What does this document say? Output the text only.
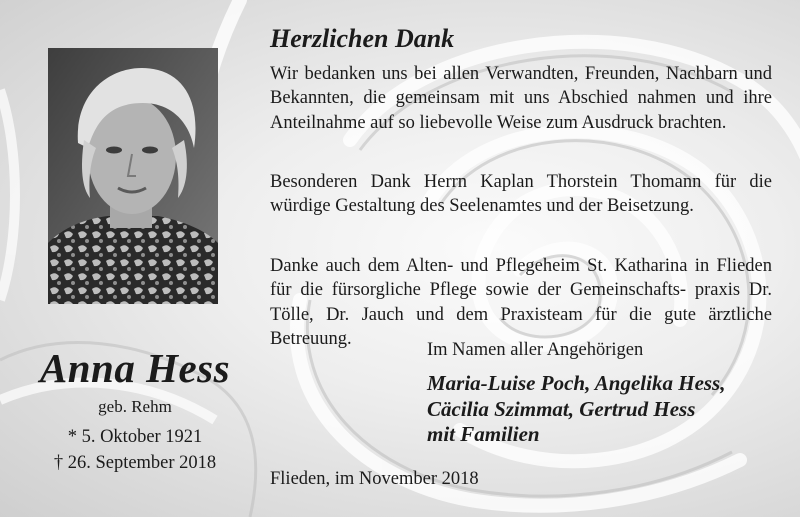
Anna Hess
geb. Rehm
* 5. Oktober 1921
† 26. September 2018
Herzlichen Dank

Wir bedanken uns bei allen Verwandten, Freunden, Nachbarn und Bekannten, die gemeinsam mit uns Abschied nahmen und ihre Anteilnahme auf so liebevolle Weise zum Ausdruck brachten.

Besonderen Dank Herrn Kaplan Thorstein Thomann für die würdige Gestaltung des Seelenamtes und der Beisetzung.

Danke auch dem Alten- und Pflegeheim St. Katharina in Flieden für die fürsorgliche Pflege sowie der Gemeinschafts- praxis Dr. Tölle, Dr. Jauch und dem Praxisteam für die gute ärztliche Betreuung.

Im Namen aller Angehörigen
Maria-Luise Poch, Angelika Hess,
Cäcilia Szimmat, Gertrud Hess
mit Familien
Flieden, im November 2018
